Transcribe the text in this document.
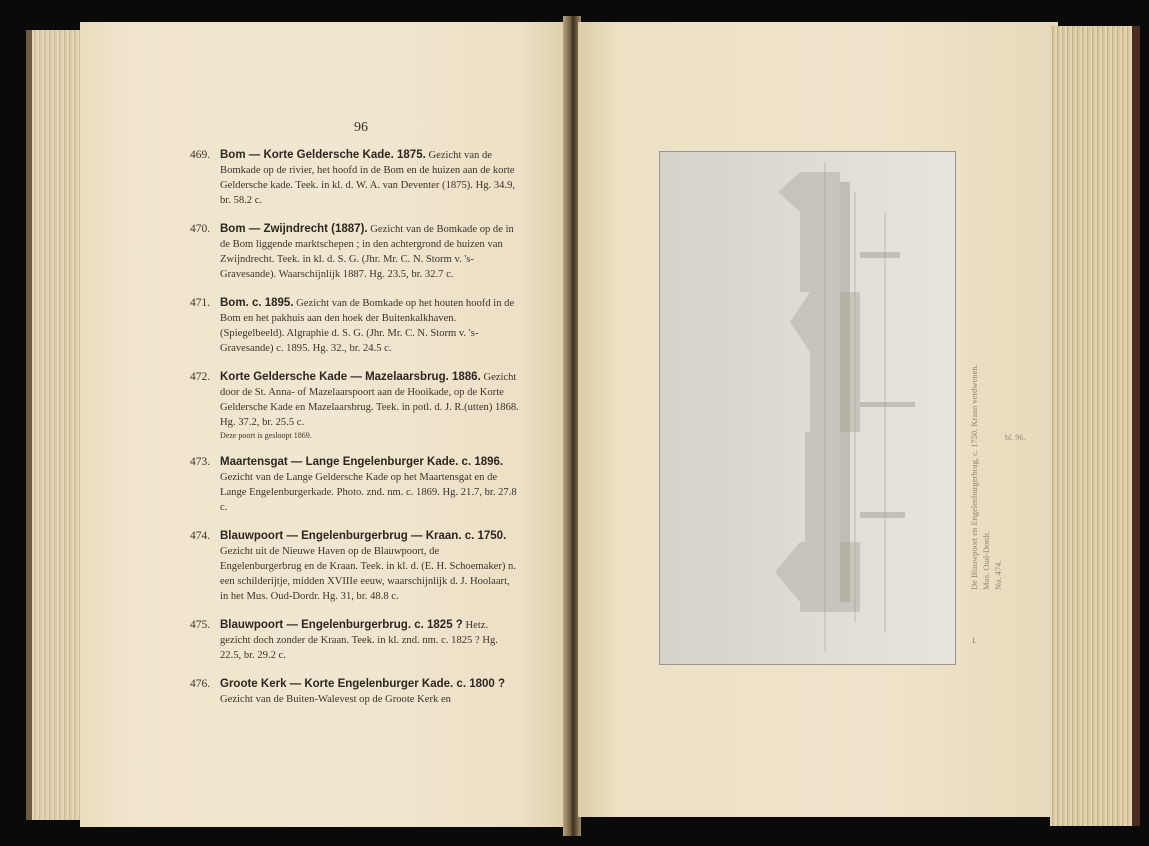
96
469. Bom — Korte Geldersche Kade. 1875. Gezicht van de Bomkade op de rivier, het hoofd in de Bom en de huizen aan de korte Geldersche kade. Teek. in kl. d. W. A. van Deventer (1875). Hg. 34.9, br. 58.2 c.
470. Bom — Zwijndrecht (1887). Gezicht van de Bomkade op de in de Bom liggende marktschepen ; in den achtergrond de huizen van Zwijndrecht. Teek. in kl. d. S. G. (Jhr. Mr. C. N. Storm v. 's-Gravesande). Waarschijnlijk 1887. Hg. 23.5, br. 32.7 c.
471. Bom. c. 1895. Gezicht van de Bomkade op het houten hoofd in de Bom en het pakhuis aan den hoek der Buitenkalkhaven. (Spiegelbeeld). Algraphie d. S. G. (Jhr. Mr. C. N. Storm v. 's-Gravesande) c. 1895. Hg. 32., br. 24.5 c.
472. Korte Geldersche Kade — Mazelaarsbrug. 1886. Gezicht door de St. Anna- of Mazelaarspoort aan de Hooikade, op de Korte Geldersche Kade en Mazelaarsbrug. Teek. in potl. d. J. R.(utten) 1868. Hg. 37.2, br. 25.5 c.
Deze poort is gesloopt 1869.
473. Maartensgat — Lange Engelenburger Kade. c. 1896. Gezicht van de Lange Geldersche Kade op het Maartensgat en de Lange Engelenburgerkade. Photo. znd. nm. c. 1869. Hg. 21.7, br. 27.8 c.
474. Blauwpoort — Engelenburgerbrug — Kraan. c. 1750. Gezicht uit de Nieuwe Haven op de Blauwpoort, de Engelenburgerbrug en de Kraan. Teek. in kl. d. (E. H. Schoemaker) n. een schilderijtje, midden XVIIIe eeuw, waarschijnlijk d. J. Hoolaart, in het Mus. Oud-Dordr. Hg. 31, br. 48.8 c.
475. Blauwpoort — Engelenburgerbrug. c. 1825 ? Hetz. gezicht doch zonder de Kraan. Teek. in kl. znd. nm. c. 1825 ? Hg. 22.5, br. 29.2 c.
476. Groote Kerk — Korte Engelenburger Kade. c. 1800 ? Gezicht van de Buiten-Walevest op de Groote Kerk en
De Blauwpoort en Engelenburgerbrug, c. 1750. Kraan verdwenen. Mus. Oud-Dordr. No. 474.
I.
bl. 96.
